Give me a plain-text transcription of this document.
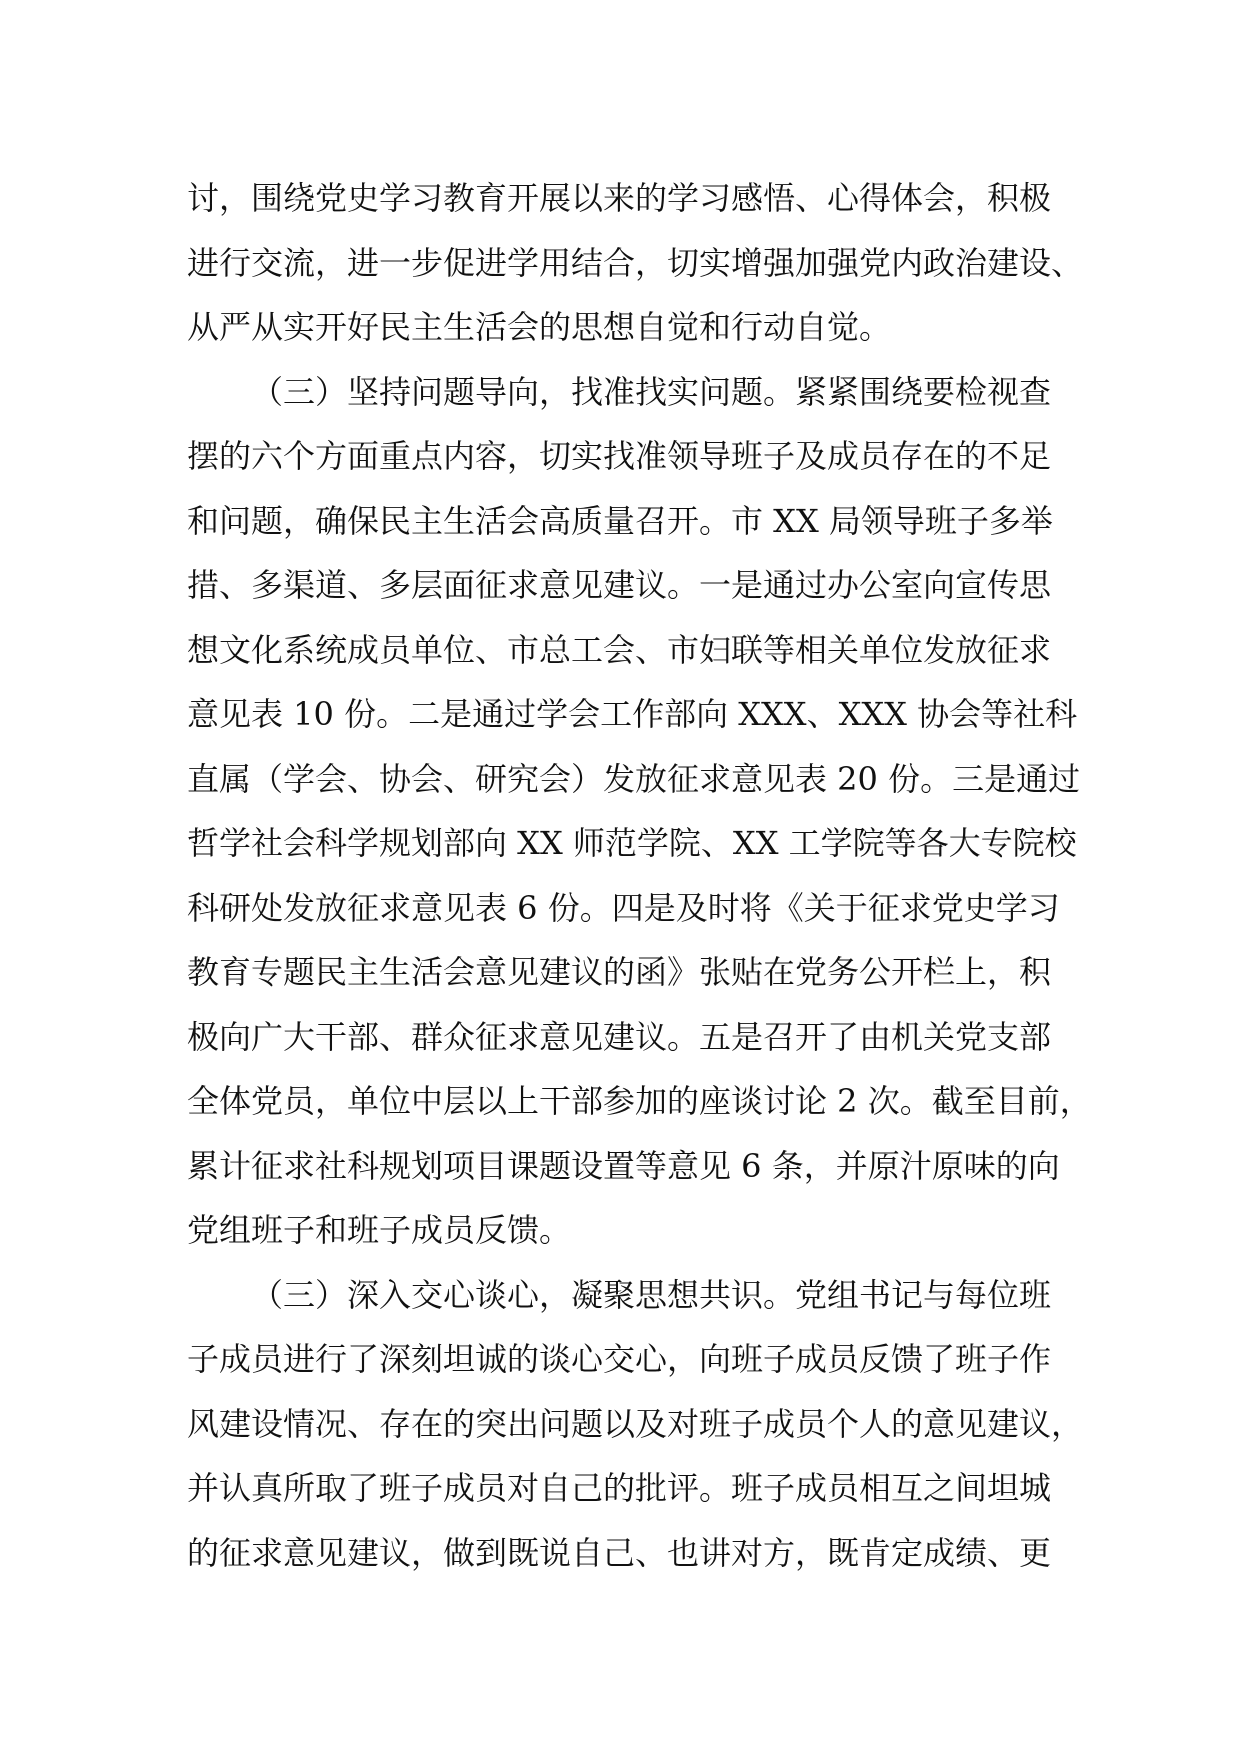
讨，围绕党史学习教育开展以来的学习感悟、心得体会，积极
进行交流，进一步促进学用结合，切实增强加强党内政治建设、
从严从实开好民主生活会的思想自觉和行动自觉。
（三）坚持问题导向，找准找实问题。紧紧围绕要检视查
摆的六个方面重点内容，切实找准领导班子及成员存在的不足
和问题，确保民主生活会高质量召开。市 XX 局领导班子多举
措、多渠道、多层面征求意见建议。一是通过办公室向宣传思
想文化系统成员单位、市总工会、市妇联等相关单位发放征求
意见表 10 份。二是通过学会工作部向 XXX、XXX 协会等社科
直属（学会、协会、研究会）发放征求意见表 20 份。三是通过
哲学社会科学规划部向 XX 师范学院、XX 工学院等各大专院校
科研处发放征求意见表 6 份。四是及时将《关于征求党史学习
教育专题民主生活会意见建议的函》张贴在党务公开栏上，积
极向广大干部、群众征求意见建议。五是召开了由机关党支部
全体党员，单位中层以上干部参加的座谈讨论 2 次。截至目前，
累计征求社科规划项目课题设置等意见 6 条，并原汁原味的向
党组班子和班子成员反馈。
（三）深入交心谈心，凝聚思想共识。党组书记与每位班
子成员进行了深刻坦诚的谈心交心，向班子成员反馈了班子作
风建设情况、存在的突出问题以及对班子成员个人的意见建议，
并认真所取了班子成员对自己的批评。班子成员相互之间坦城
的征求意见建议，做到既说自己、也讲对方，既肯定成绩、更
